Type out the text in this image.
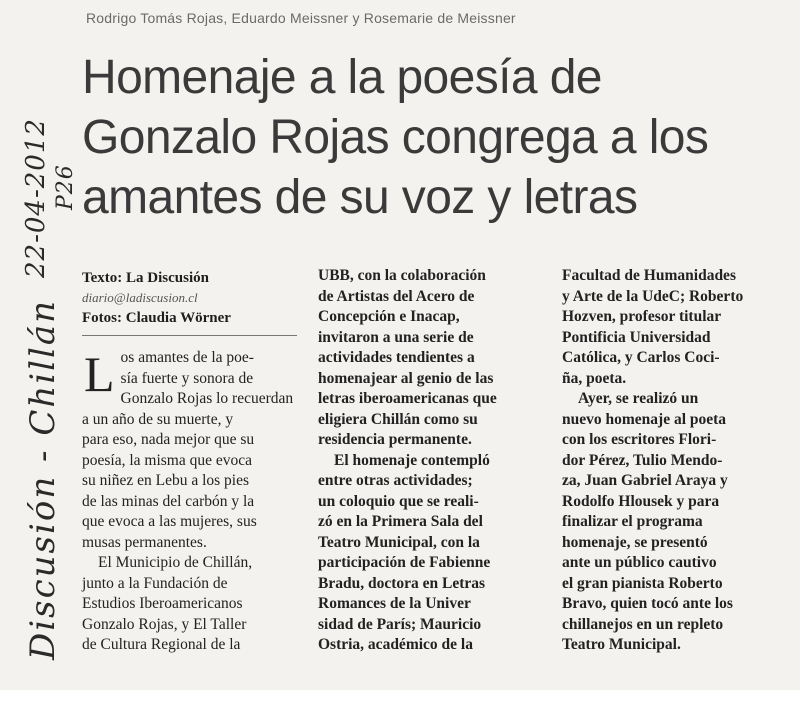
Rodrigo Tomás Rojas, Eduardo Meissner y Rosemarie de Meissner
Homenaje a la poesía de
Gonzalo Rojas congrega a los
amantes de su voz y letras
Discusión - Chillán
22-04-2012 P26
Texto: La Discusión
diario@ladiscusion.cl
Fotos: Claudia Wörner
L os amantes de la poe-
sía fuerte y sonora de
Gonzalo Rojas lo recuerdan
a un año de su muerte, y
para eso, nada mejor que su
poesía, la misma que evoca
su niñez en Lebu a los pies
de las minas del carbón y la
que evoca a las mujeres, sus
musas permanentes.
El Municipio de Chillán,
junto a la Fundación de
Estudios Iberoamericanos
Gonzalo Rojas, y El Taller
de Cultura Regional de la
UBB, con la colaboración
de Artistas del Acero de
Concepción e Inacap,
invitaron a una serie de
actividades tendientes a
homenajear al genio de las
letras iberoamericanas que
eligiera Chillán como su
residencia permanente.
El homenaje contempló
entre otras actividades;
un coloquio que se reali-
zó en la Primera Sala del
Teatro Municipal, con la
participación de Fabienne
Bradu, doctora en Letras
Romances de la Univer
sidad de París; Mauricio
Ostria, académico de la
Facultad de Humanidades
y Arte de la UdeC; Roberto
Hozven, profesor titular
Pontificia Universidad
Católica, y Carlos Coci-
ña, poeta.
Ayer, se realizó un
nuevo homenaje al poeta
con los escritores Flori-
dor Pérez, Tulio Mendo-
za, Juan Gabriel Araya y
Rodolfo Hlousek y para
finalizar el programa
homenaje, se presentó
ante un público cautivo
el gran pianista Roberto
Bravo, quien tocó ante los
chillanejos en un repleto
Teatro Municipal.
